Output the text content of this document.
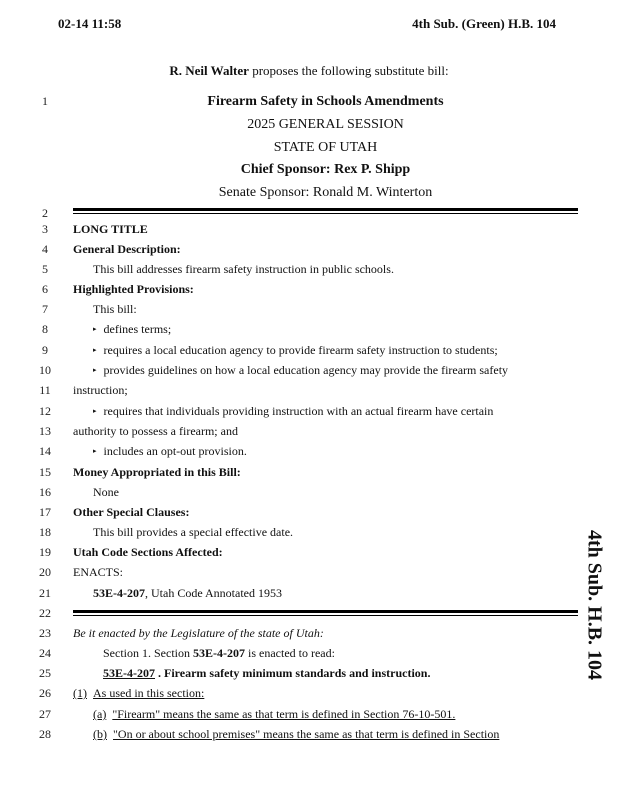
02-14 11:58	4th Sub. (Green) H.B. 104
R. Neil Walter proposes the following substitute bill:
1	Firearm Safety in Schools Amendments
2025 GENERAL SESSION
STATE OF UTAH
Chief Sponsor: Rex P. Shipp
Senate Sponsor: Ronald M. Winterton
2
3	LONG TITLE
4	General Description:
5	This bill addresses firearm safety instruction in public schools.
6	Highlighted Provisions:
7	This bill:
8	▸ defines terms;
9	▸ requires a local education agency to provide firearm safety instruction to students;
10	▸ provides guidelines on how a local education agency may provide the firearm safety
11	instruction;
12	▸ requires that individuals providing instruction with an actual firearm have certain
13	authority to possess a firearm; and
14	▸ includes an opt-out provision.
15	Money Appropriated in this Bill:
16	None
17	Other Special Clauses:
18	This bill provides a special effective date.
19	Utah Code Sections Affected:
20	ENACTS:
21	53E-4-207, Utah Code Annotated 1953
22
23	Be it enacted by the Legislature of the state of Utah:
24	Section 1. Section 53E-4-207 is enacted to read:
25	53E-4-207 . Firearm safety minimum standards and instruction.
26	(1) As used in this section:
27	(a) "Firearm" means the same as that term is defined in Section 76-10-501.
28	(b) "On or about school premises" means the same as that term is defined in Section
4th Sub. H.B. 104
